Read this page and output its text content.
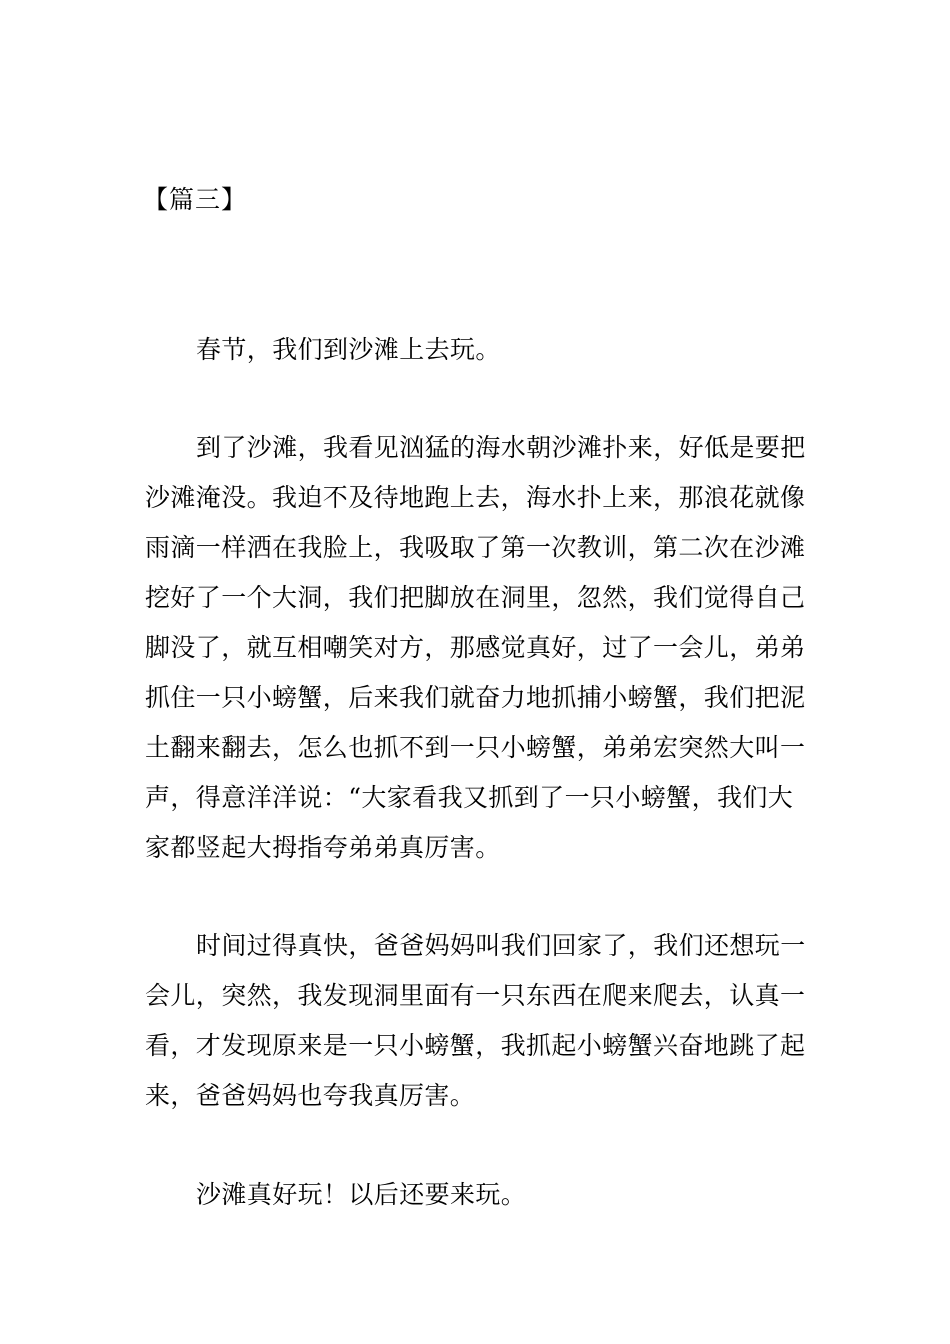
【篇三】

春节，我们到沙滩上去玩。

到了沙滩，我看见汹猛的海水朝沙滩扑来，好低是要把沙滩淹没。我迫不及待地跑上去，海水扑上来，那浪花就像雨滴一样洒在我脸上，我吸取了第一次教训，第二次在沙滩挖好了一个大洞，我们把脚放在洞里，忽然，我们觉得自己脚没了，就互相嘲笑对方，那感觉真好，过了一会儿，弟弟抓住一只小螃蟹，后来我们就奋力地抓捕小螃蟹，我们把泥土翻来翻去，怎么也抓不到一只小螃蟹，弟弟宏突然大叫一声，得意洋洋说：“大家看我又抓到了一只小螃蟹，我们大家都竖起大拇指夸弟弟真厉害。

时间过得真快，爸爸妈妈叫我们回家了，我们还想玩一会儿，突然，我发现洞里面有一只东西在爬来爬去，认真一看，才发现原来是一只小螃蟹，我抓起小螃蟹兴奋地跳了起来，爸爸妈妈也夸我真厉害。

沙滩真好玩！以后还要来玩。
